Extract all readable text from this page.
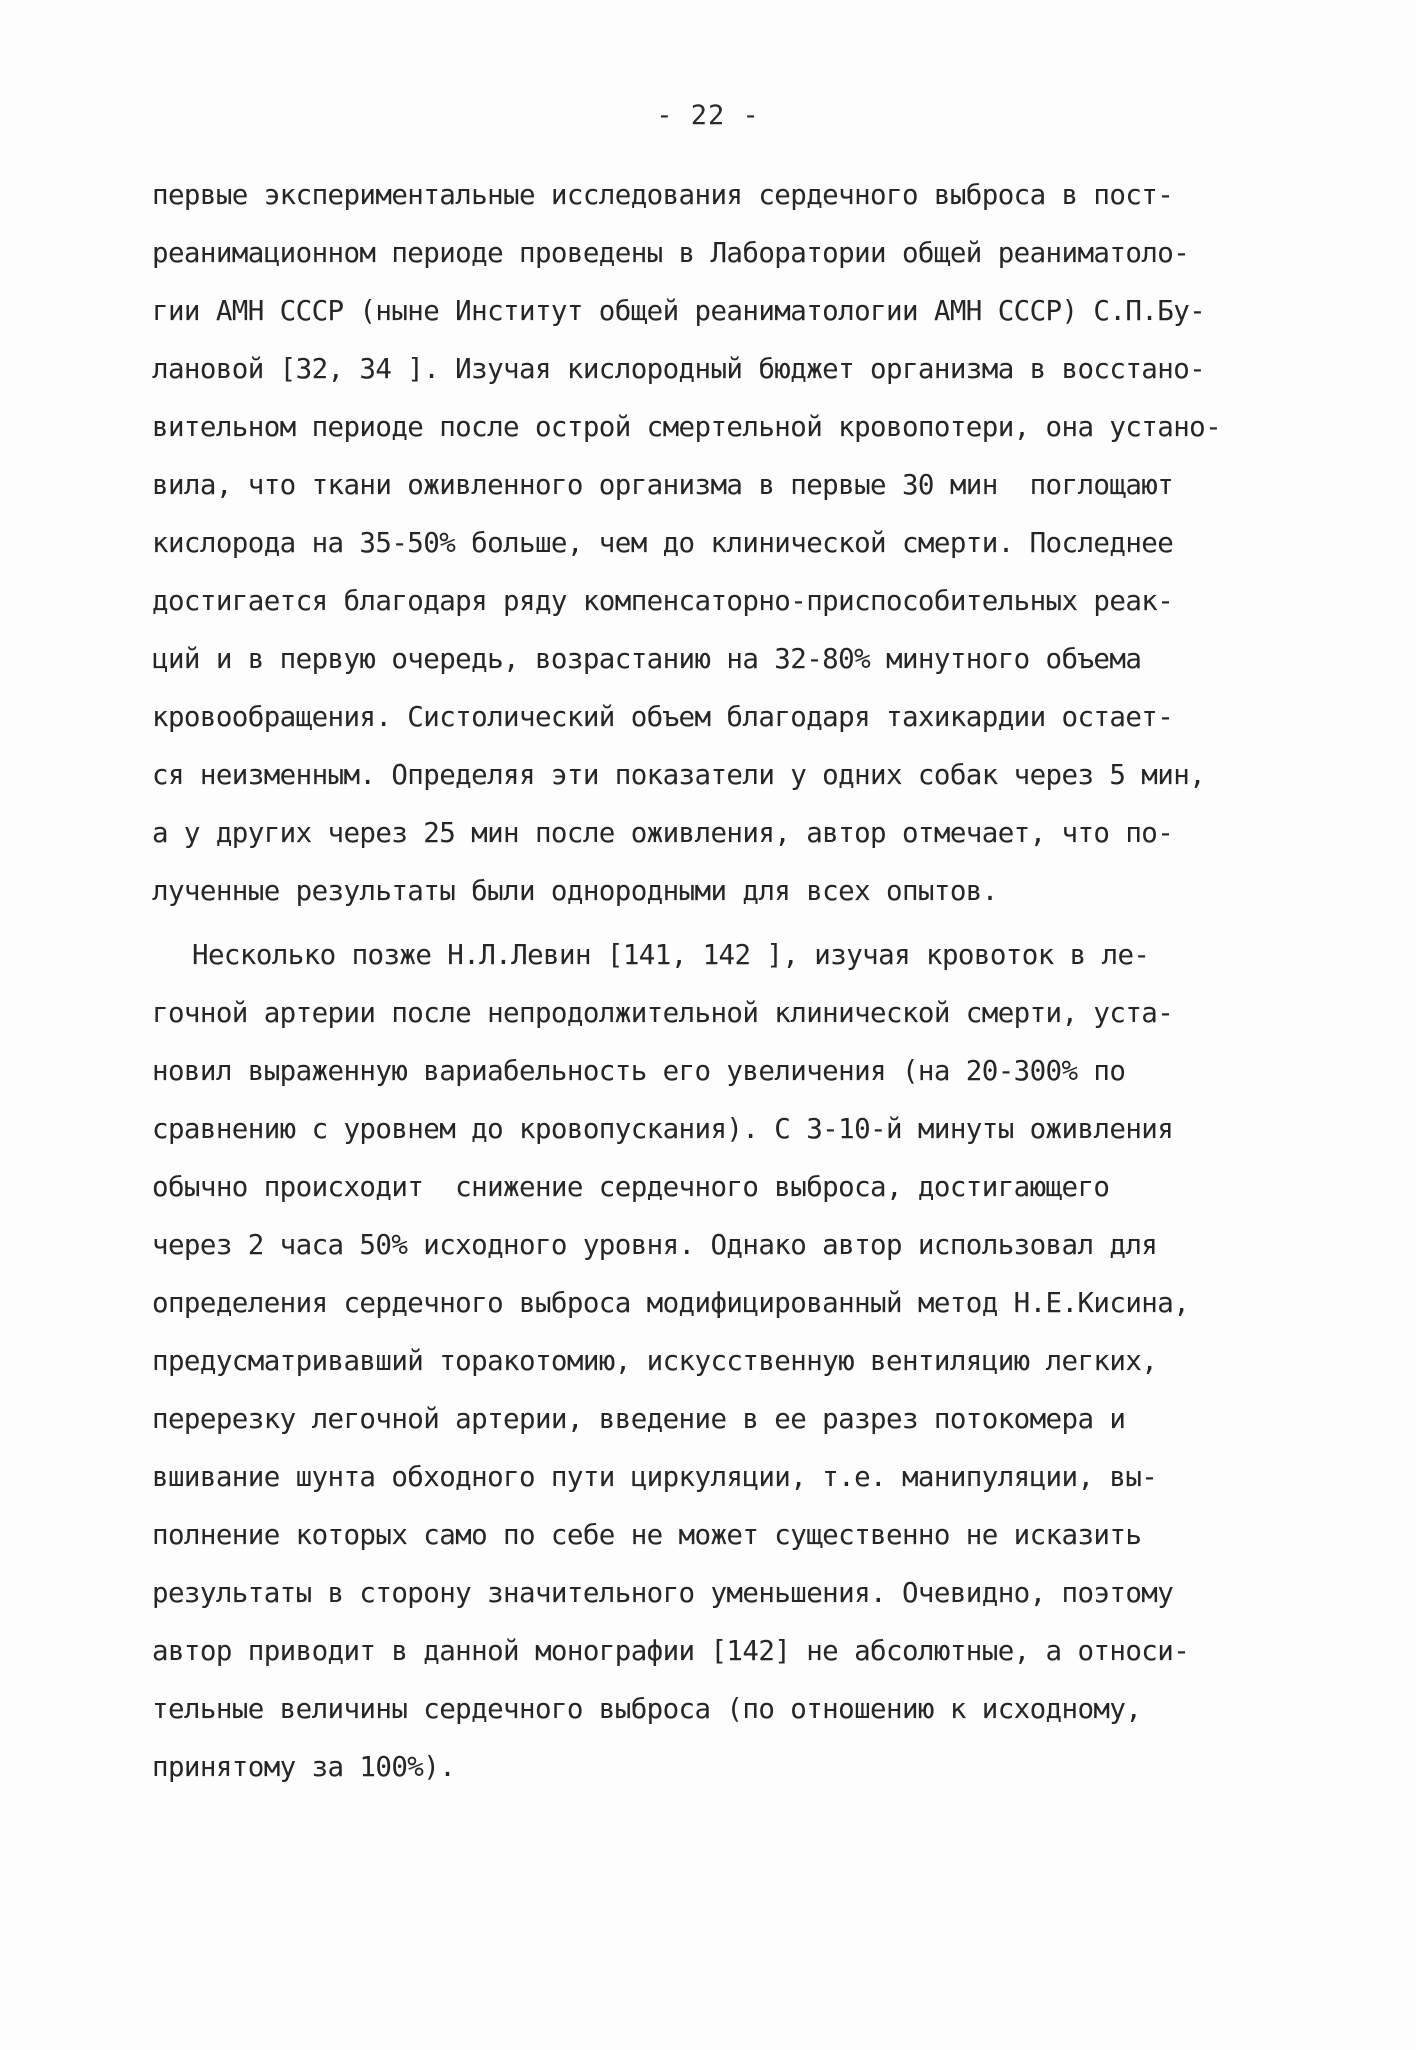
- 22 -
первые экспериментальные исследования сердечного выброса в пост-
реанимационном периоде проведены в Лаборатории общей реаниматоло-
гии АМН СССР (ныне Институт общей реаниматологии АМН СССР) С.П.Бу-
лановой [32, 34 ]. Изучая кислородный бюджет организма в восстано-
вительном периоде после острой смертельной кровопотери, она устано-
вила, что ткани оживленного организма в первые 30 мин  поглощают
кислорода на 35-50% больше, чем до клинической смерти. Последнее
достигается благодаря ряду компенсаторно-приспособительных реак-
ций и в первую очередь, возрастанию на 32-80% минутного объема
кровообращения. Систолический объем благодаря тахикардии остает-
ся неизменным. Определяя эти показатели у одних собак через 5 мин,
а у других через 25 мин после оживления, автор отмечает, что по-
лученные результаты были однородными для всех опытов.
Несколько позже Н.Л.Левин [141, 142 ], изучая кровоток в ле-
гочной артерии после непродолжительной клинической смерти, уста-
новил выраженную вариабельность его увеличения (на 20-300% по
сравнению с уровнем до кровопускания). С 3-10-й минуты оживления
обычно происходит  снижение сердечного выброса, достигающего
через 2 часа 50% исходного уровня. Однако автор использовал для
определения сердечного выброса модифицированный метод Н.Е.Кисина,
предусматривавший торакотомию, искусственную вентиляцию легких,
перерезку легочной артерии, введение в ее разрез потокомера и
вшивание шунта обходного пути циркуляции, т.е. манипуляции, вы-
полнение которых само по себе не может существенно не исказить
результаты в сторону значительного уменьшения. Очевидно, поэтому
автор приводит в данной монографии [142] не абсолютные, а относи-
тельные величины сердечного выброса (по отношению к исходному,
принятому за 100%).
